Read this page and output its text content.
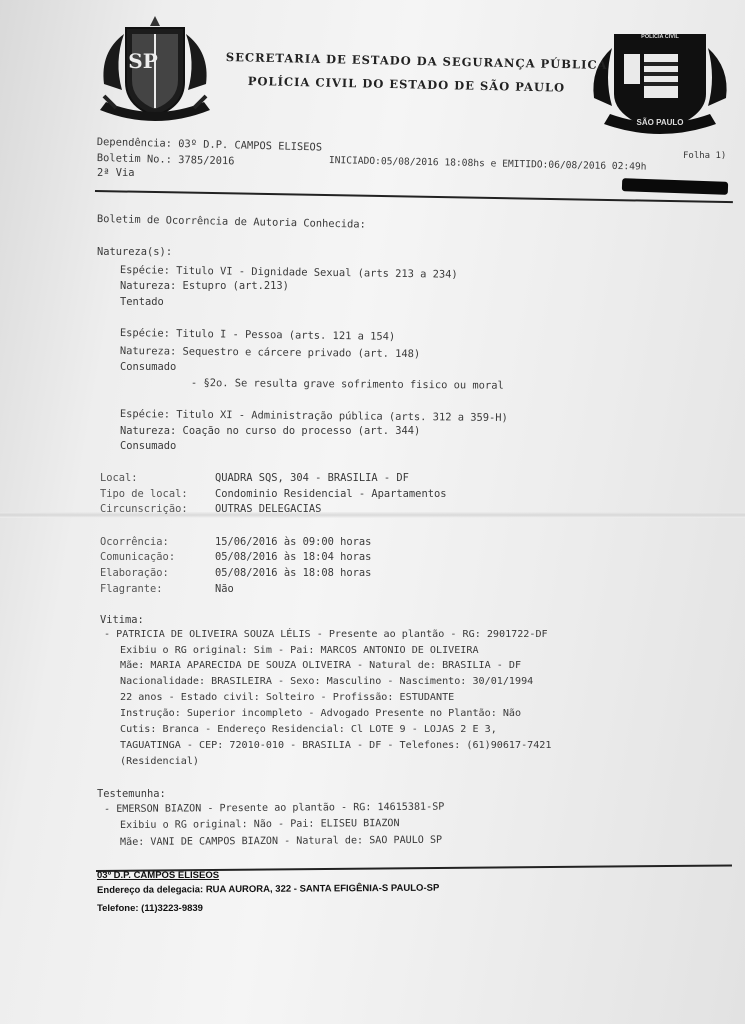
SP
POLÍCIA CIVIL
SÃO PAULO
SECRETARIA DE ESTADO DA SEGURANÇA PÚBLICA
POLÍCIA CIVIL DO ESTADO DE SÃO PAULO
Dependência: 03º D.P. CAMPOS ELISEOS
Boletim No.: 3785/2016
2ª Via
INICIADO:05/08/2016 18:08hs e EMITIDO:06/08/2016 02:49h	Folha 1)
Boletim de Ocorrência de Autoria Conhecida:
Natureza(s):
Espécie: Titulo VI - Dignidade Sexual (arts 213 a 234)
Natureza: Estupro (art.213)
Tentado
Espécie: Titulo I - Pessoa (arts. 121 a 154)
Natureza: Sequestro e cárcere privado (art. 148)
Consumado
- §2o. Se resulta grave sofrimento fisico ou moral
Espécie: Titulo XI - Administração pública (arts. 312 a 359-H)
Natureza: Coação no curso do processo (art. 344)
Consumado
Local:	QUADRA SQS, 304 - BRASILIA - DF
Tipo de local:	Condominio Residencial - Apartamentos
Circunscrição:	OUTRAS DELEGACIAS
Ocorrência:	15/06/2016 às 09:00 horas
Comunicação:	05/08/2016 às 18:04 horas
Elaboração:	05/08/2016 às 18:08 horas
Flagrante:	Não
Vitima:
- PATRICIA DE OLIVEIRA SOUZA LÉLIS - Presente ao plantão - RG: 2901722-DF
Exibiu o RG original: Sim - Pai: MARCOS ANTONIO DE OLIVEIRA
Mãe: MARIA APARECIDA DE SOUZA OLIVEIRA - Natural de: BRASILIA - DF
Nacionalidade: BRASILEIRA - Sexo: Masculino - Nascimento: 30/01/1994
22 anos - Estado civil: Solteiro - Profissão: ESTUDANTE
Instrução: Superior incompleto - Advogado Presente no Plantão: Não
Cutis: Branca - Endereço Residencial: Cl LOTE 9 - LOJAS 2 E 3,
TAGUATINGA - CEP: 72010-010 - BRASILIA - DF - Telefones: (61)90617-7421
(Residencial)
Testemunha:
- EMERSON BIAZON - Presente ao plantão - RG: 14615381-SP
Exibiu o RG original: Não - Pai: ELISEU BIAZON
Mãe: VANI DE CAMPOS BIAZON - Natural de: SAO PAULO SP
03º D.P. CAMPOS ELISEOS
Endereço da delegacia: RUA AURORA, 322 - SANTA EFIGÊNIA-S PAULO-SP
Telefone: (11)3223-9839
